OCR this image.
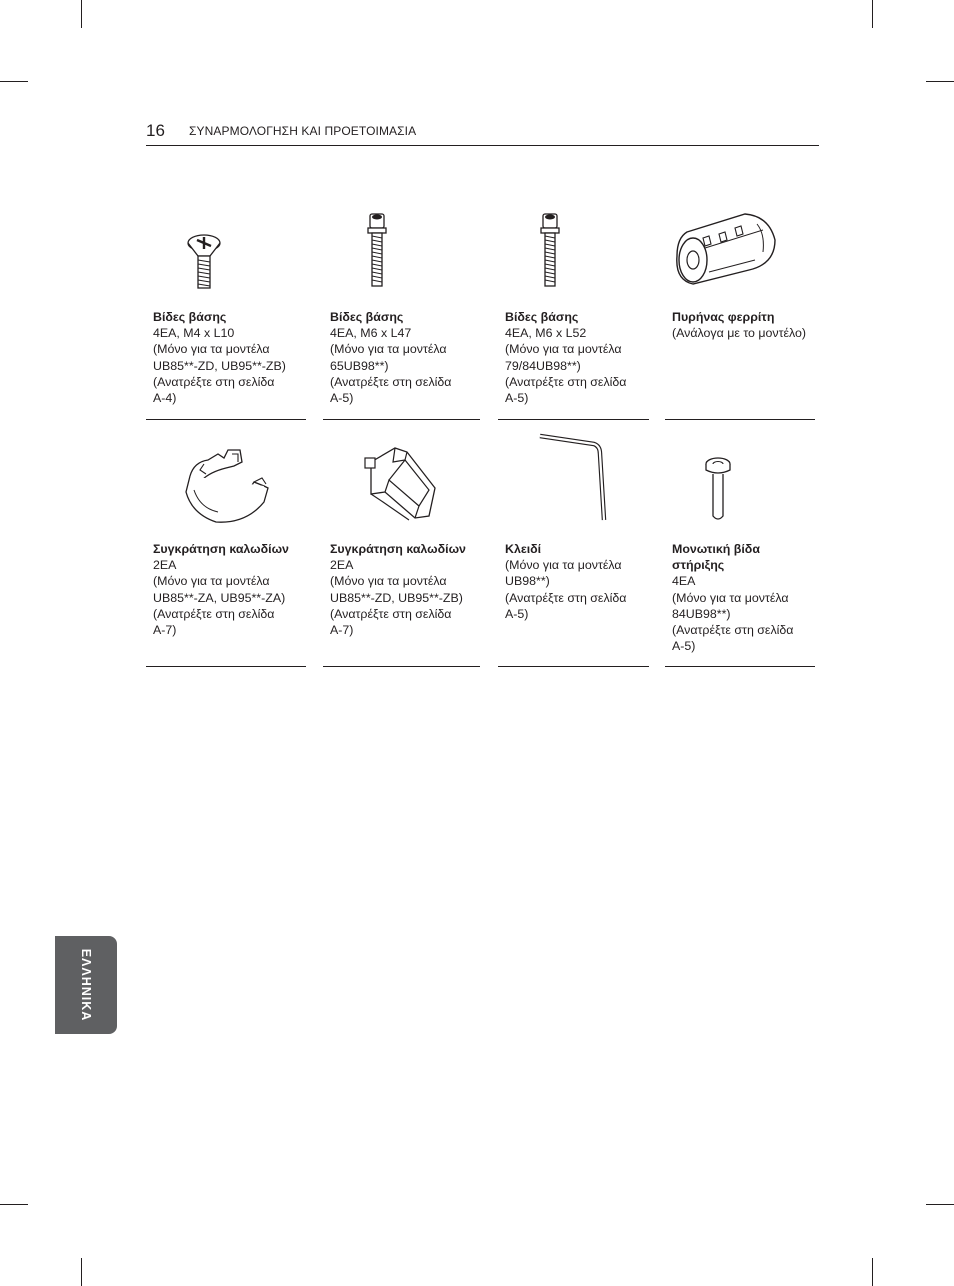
16 ΣΥΝΑΡΜΟΛΟΓΗΣΗ ΚΑΙ ΠΡΟΕΤΟΙΜΑΣΙΑ
Βίδες βάσης
4EA, M4 x L10
(Μόνο για τα μοντέλα
UB85**-ZD, UB95**-ZB)
(Ανατρέξτε στη σελίδα
A-4)
Βίδες βάσης
4EA, M6 x L47
(Μόνο για τα μοντέλα
65UB98**)
(Ανατρέξτε στη σελίδα
A-5)
Βίδες βάσης
4EA, M6 x L52
(Μόνο για τα μοντέλα
79/84UB98**)
(Ανατρέξτε στη σελίδα
A-5)
Πυρήνας φερρίτη
(Ανάλογα με το μοντέλο)
Συγκράτηση καλωδίων
2EA
(Μόνο για τα μοντέλα
UB85**-ZA, UB95**-ZA)
(Ανατρέξτε στη σελίδα
A-7)
Συγκράτηση καλωδίων
2EA
(Μόνο για τα μοντέλα
UB85**-ZD, UB95**-ZB)
(Ανατρέξτε στη σελίδα
A-7)
Κλειδί
(Μόνο για τα μοντέλα
UB98**)
(Ανατρέξτε στη σελίδα
A-5)
Μονωτική βίδα
στήριξης
4EA
(Μόνο για τα μοντέλα
84UB98**)
(Ανατρέξτε στη σελίδα
A-5)
ΕΛΛΗΝΙΚΑ
